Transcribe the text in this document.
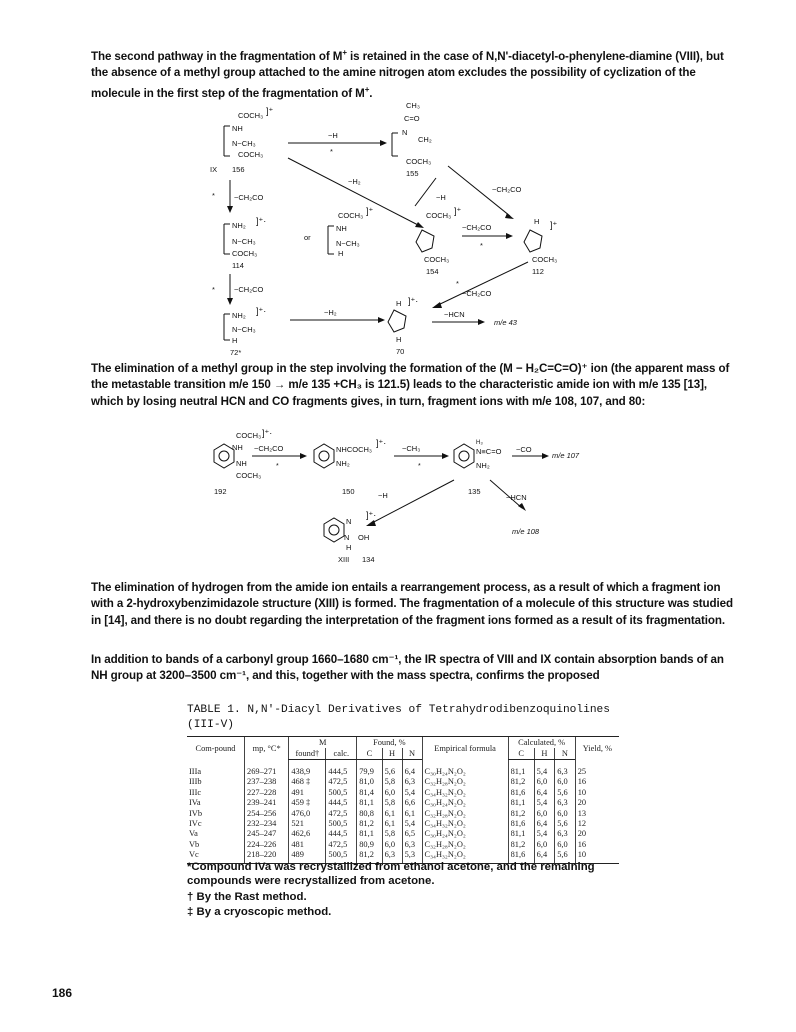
The second pathway in the fragmentation of M+ is retained in the case of N,N'-diacetyl-o-phenylene-diamine (VIII), but the absence of a methyl group attached to the amine nitrogen atom excludes the possibility of cyclization of the molecule in the first step of the fragmentation of M+.

COCH₃ ]⁺
NH
N−CH₃
COCH₃
IX 156
CH₃
C=O
N
CH₂
COCH₃
155
−H
*
−H₂
−H
−CH₂CO
*	−CH₂CO
NH₂ ]⁺·
N−CH₃
COCH₃
114
or
COCH₃ ]⁺
NH
N−CH₃
H
COCH₃ ]⁺
COCH₃
154
−CH₂CO
*
H ]⁺
COCH₃
112
*
−CH₂CO
*	−CH₂CO
NH₂ ]⁺·
N−CH₃
H
72*
−H₂
H ]⁺·
H
70
−HCN
m/e 43

The elimination of a methyl group in the step involving the formation of the (M − H₂C=C=O)⁺ ion (the apparent mass of the metastable transition m/e 150 → m/e 135 +CH₃ is 121.5) leads to the characteristic amide ion with m/e 135 [13], which by losing neutral HCN and CO fragments gives, in turn, fragment ions with m/e 108, 107, and 80:

COCH₃ ]⁺·
NH
NH
COCH₃
192
−CH₂CO
*
NHCOCH₃
]⁺·
NH₂
150
−CH₃
*
H₃
N≡C=O
NH₂
135
−CO
m/e 107
−H	−HCN
m/e 108
N
]⁺·
N OH
H
XIII 134

The elimination of hydrogen from the amide ion entails a rearrangement process, as a result of which a fragment ion with a 2-hydroxybenzimidazole structure (XIII) is formed. The fragmentation of a molecule of this structure was studied in [14], and there is no doubt regarding the interpretation of the fragment ions formed as a result of its fragmentation.

In addition to bands of a carbonyl group 1660–1680 cm⁻¹, the IR spectra of VIII and IX contain absorption bands of an NH group at 3200–3500 cm⁻¹, and this, together with the mass spectra, confirms the proposed

TABLE 1. N,N'-Diacyl Derivatives of Tetrahydrodibenzoquinolines (III-V)
Com-pound	mp, °C*	M		Found, %			Empirical formula	Calculated, %			Yield, %
		found†	calc.	C	H	N		C	H	N	
IIIa	269–271	438,9	444,5	79,9	5,6	6,4	C₃₀H₂₄N₂O₂	81,1	5,4	6,3	25
IIIb	237–238	468 ‡	472,5	81,0	5,8	6,3	C₃₂H₂₈N₂O₂	81,2	6,0	6,0	16
IIIc	227–228	491	500,5	81,4	6,0	5,4	C₃₄H₃₂N₂O₂	81,6	6,4	5,6	10
IVa	239–241	459 ‡	444,5	81,1	5,8	6,6	C₃₀H₂₄N₂O₂	81,1	5,4	6,3	20
IVb	254–256	476,0	472,5	80,8	6,1	6,1	C₃₂H₂₈N₂O₂	81,2	6,0	6,0	13
IVc	232–234	521	500,5	81,2	6,1	5,4	C₃₄H₃₂N₂O₂	81,6	6,4	5,6	12
Va	245–247	462,6	444,5	81,1	5,8	6,5	C₃₀H₂₄N₂O₂	81,1	5,4	6,3	20
Vb	224–226	481	472,5	80,9	6,0	6,3	C₃₂H₂₈N₂O₂	81,2	6,0	6,0	16
Vc	218–220	489	500,5	81,2	6,3	5,3	C₃₄H₃₂N₂O₂	81,6	6,4	5,6	10

*Compound IVa was recrystallized from ethanol acetone, and the remaining compounds were recrystallized from acetone.

† By the Rast method.

‡ By a cryoscopic method.

186
